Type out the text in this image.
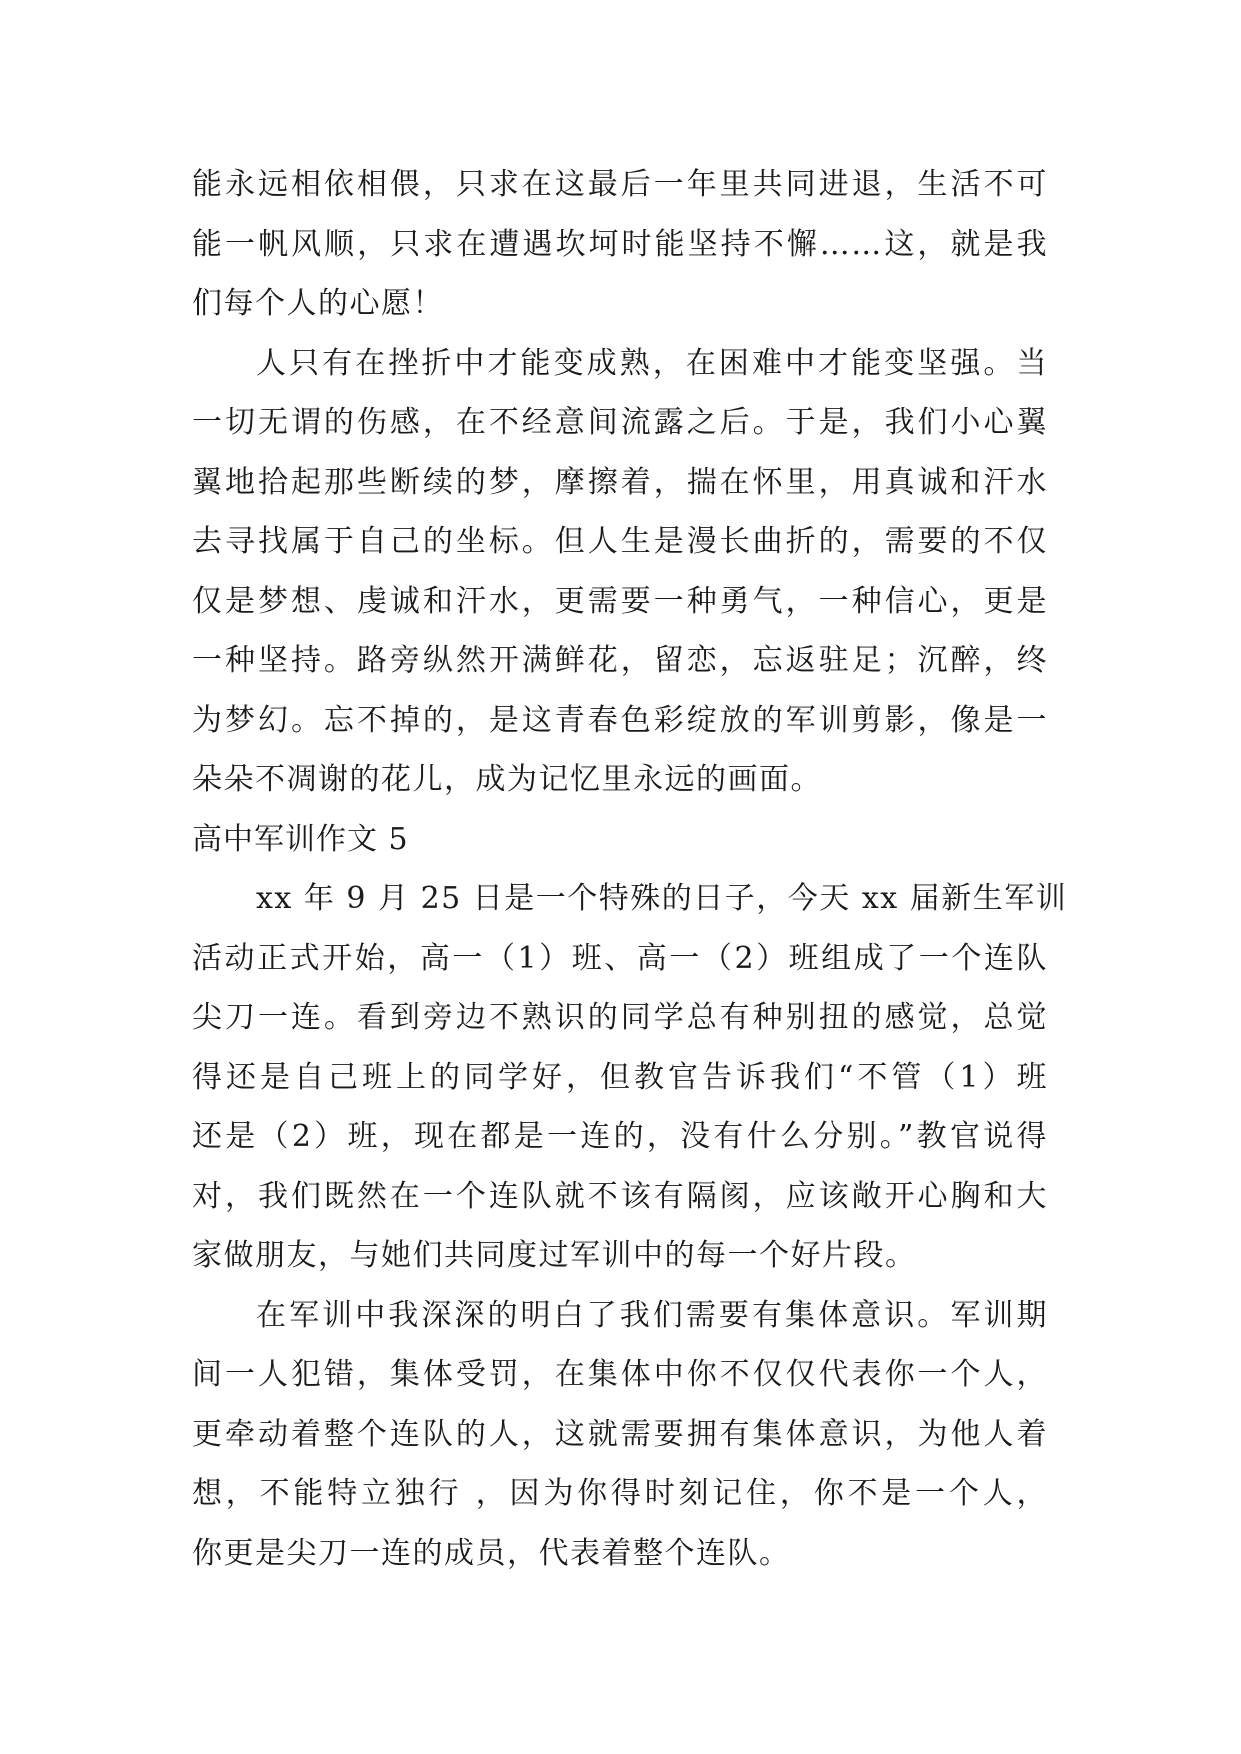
能永远相依相偎，只求在这最后一年里共同进退，生活不可
能一帆风顺，只求在遭遇坎坷时能坚持不懈……这，就是我
们每个人的心愿！
人只有在挫折中才能变成熟，在困难中才能变坚强。当
一切无谓的伤感，在不经意间流露之后。于是，我们小心翼
翼地拾起那些断续的梦，摩擦着，揣在怀里，用真诚和汗水
去寻找属于自己的坐标。但人生是漫长曲折的，需要的不仅
仅是梦想、虔诚和汗水，更需要一种勇气，一种信心，更是
一种坚持。路旁纵然开满鲜花，留恋，忘返驻足；沉醉，终
为梦幻。忘不掉的，是这青春色彩绽放的军训剪影，像是一
朵朵不凋谢的花儿，成为记忆里永远的画面。
高中军训作文 5
xx 年 9 月 25 日是一个特殊的日子，今天 xx 届新生军训
活动正式开始，高一（1）班、高一（2）班组成了一个连队
尖刀一连。看到旁边不熟识的同学总有种别扭的感觉，总觉
得还是自己班上的同学好，但教官告诉我们“不管（1）班
还是（2）班，现在都是一连的，没有什么分别。”教官说得
对，我们既然在一个连队就不该有隔阂，应该敞开心胸和大
家做朋友，与她们共同度过军训中的每一个好片段。
在军训中我深深的明白了我们需要有集体意识。军训期
间一人犯错，集体受罚，在集体中你不仅仅代表你一个人，
更牵动着整个连队的人，这就需要拥有集体意识，为他人着
想，不能特立独行 ，因为你得时刻记住，你不是一个人，
你更是尖刀一连的成员，代表着整个连队。
